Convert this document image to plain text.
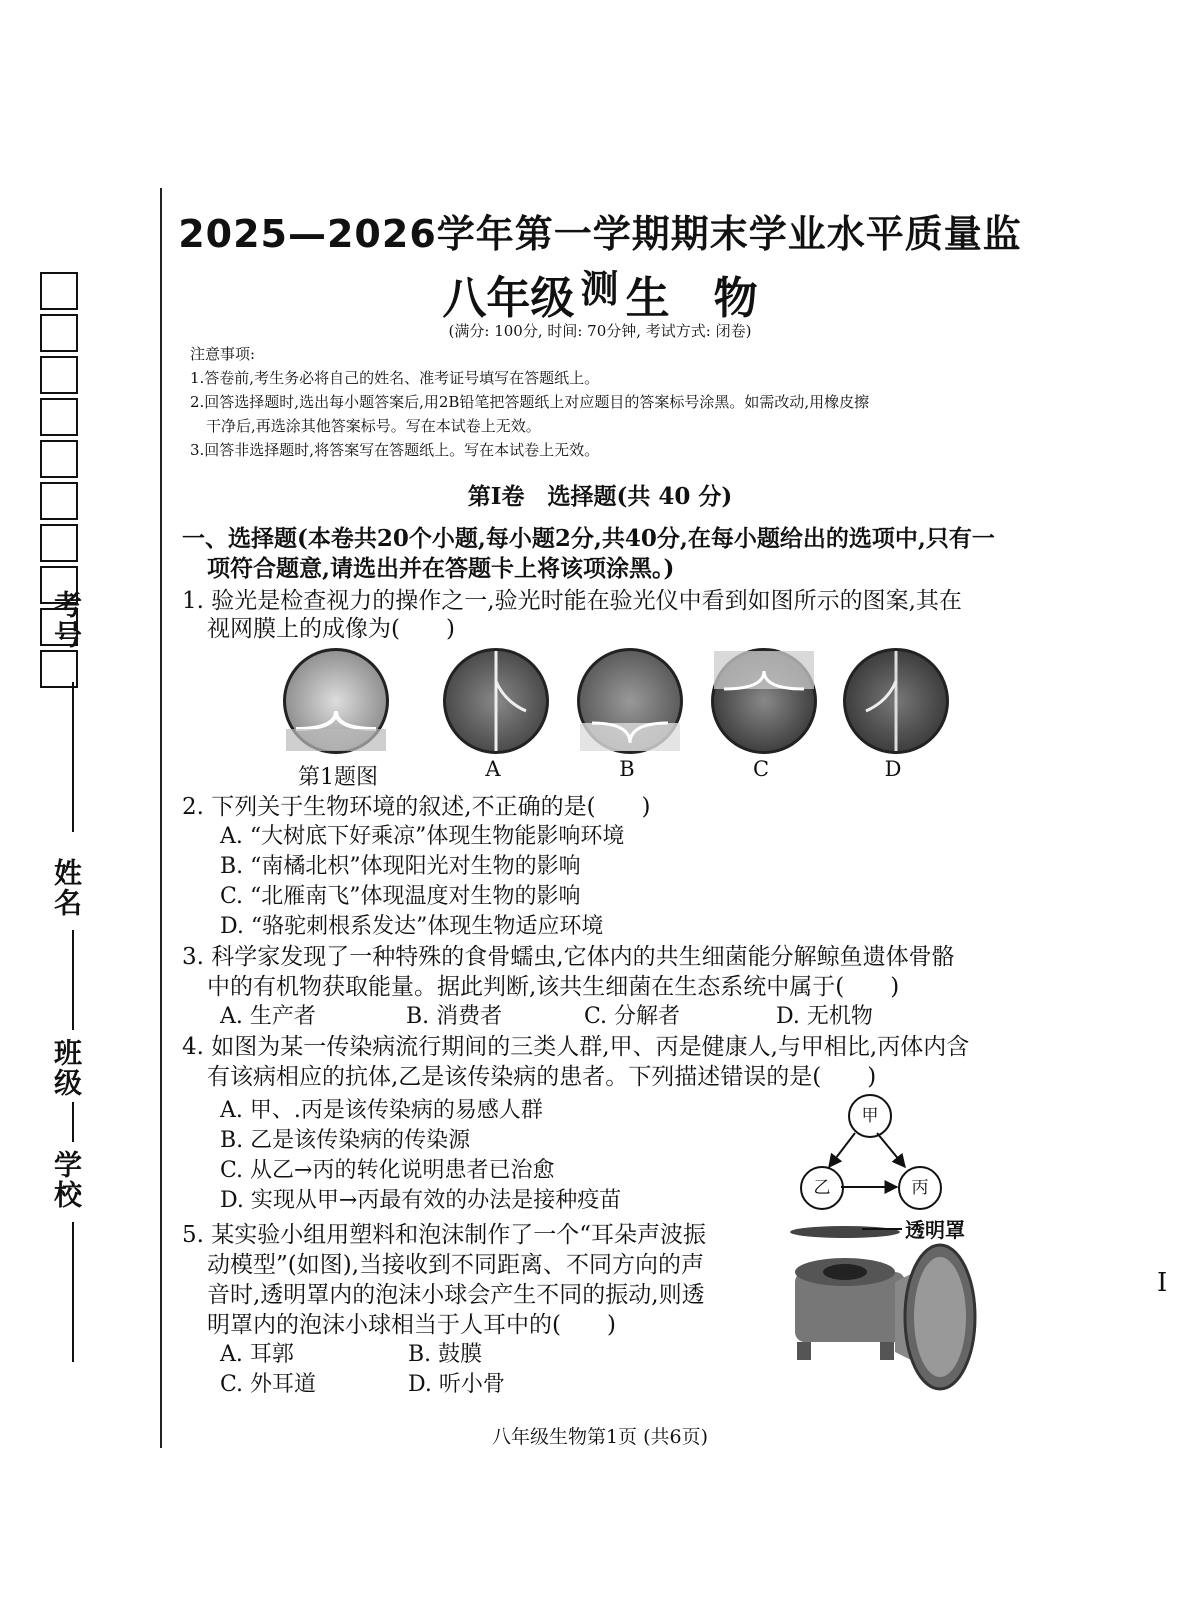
考号
姓名
班级
学校
I
2025—2026学年第一学期期末学业水平质量监测
八年级 生　物
(满分: 100分, 时间: 70分钟, 考试方式: 闭卷)
注意事项:
1.答卷前,考生务必将自己的姓名、准考证号填写在答题纸上。
2.回答选择题时,选出每小题答案后,用2B铅笔把答题纸上对应题目的答案标号涂黑。如需改动,用橡皮擦
干净后,再选涂其他答案标号。写在本试卷上无效。
3.回答非选择题时,将答案写在答题纸上。写在本试卷上无效。
第Ⅰ卷　选择题(共 40 分)
一、选择题(本卷共20个小题,每小题2分,共40分,在每小题给出的选项中,只有一
项符合题意,请选出并在答题卡上将该项涂黑。)
1. 验光是检查视力的操作之一,验光时能在验光仪中看到如图所示的图案,其在
视网膜上的成像为(　　)
第1题图	A	B	C	D
2. 下列关于生物环境的叙述,不正确的是(　　)
A. “大树底下好乘凉”体现生物能影响环境
B. “南橘北枳”体现阳光对生物的影响
C. “北雁南飞”体现温度对生物的影响
D. “骆驼刺根系发达”体现生物适应环境
3. 科学家发现了一种特殊的食骨蠕虫,它体内的共生细菌能分解鲸鱼遗体骨骼
中的有机物获取能量。据此判断,该共生细菌在生态系统中属于(　　)
A. 生产者	B. 消费者	C. 分解者	D. 无机物
4. 如图为某一传染病流行期间的三类人群,甲、丙是健康人,与甲相比,丙体内含
有该病相应的抗体,乙是该传染病的患者。下列描述错误的是(　　)
A. 甲、.丙是该传染病的易感人群
B. 乙是该传染病的传染源
C. 从乙→丙的转化说明患者已治愈
D. 实现从甲→丙最有效的办法是接种疫苗
甲
乙	丙
5. 某实验小组用塑料和泡沫制作了一个“耳朵声波振
动模型”(如图),当接收到不同距离、不同方向的声
音时,透明罩内的泡沫小球会产生不同的振动,则透
明罩内的泡沫小球相当于人耳中的(　　)
A. 耳郭	B. 鼓膜
C. 外耳道	D. 听小骨
透明罩
八年级生物第1页 (共6页)
